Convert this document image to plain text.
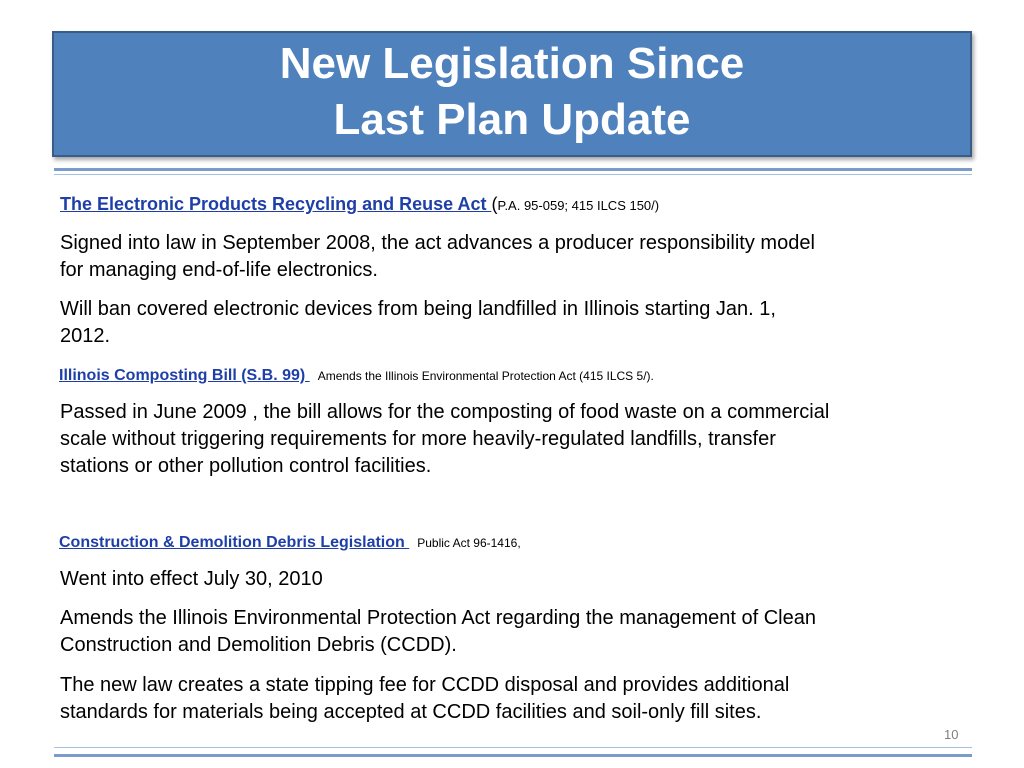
New Legislation Since
Last Plan Update
The Electronic Products Recycling and Reuse Act (P.A. 95-059; 415 ILCS 150/)
Signed into law in September 2008, the act advances a producer responsibility model
for managing end-of-life electronics.
Will ban covered electronic devices from being landfilled in Illinois starting Jan. 1,
2012.
Illinois Composting Bill (S.B. 99) Amends the Illinois Environmental Protection Act (415 ILCS 5/).
Passed in June 2009 , the bill allows for the composting of food waste on a commercial
scale without triggering requirements for more heavily-regulated landfills, transfer
stations or other pollution control facilities.
Construction & Demolition Debris Legislation Public Act 96-1416,
Went into effect July 30, 2010
Amends the Illinois Environmental Protection Act regarding the management of Clean
Construction and Demolition Debris (CCDD).
The new law creates a state tipping fee for CCDD disposal and provides additional
standards for materials being accepted at CCDD facilities and soil-only fill sites.
10
